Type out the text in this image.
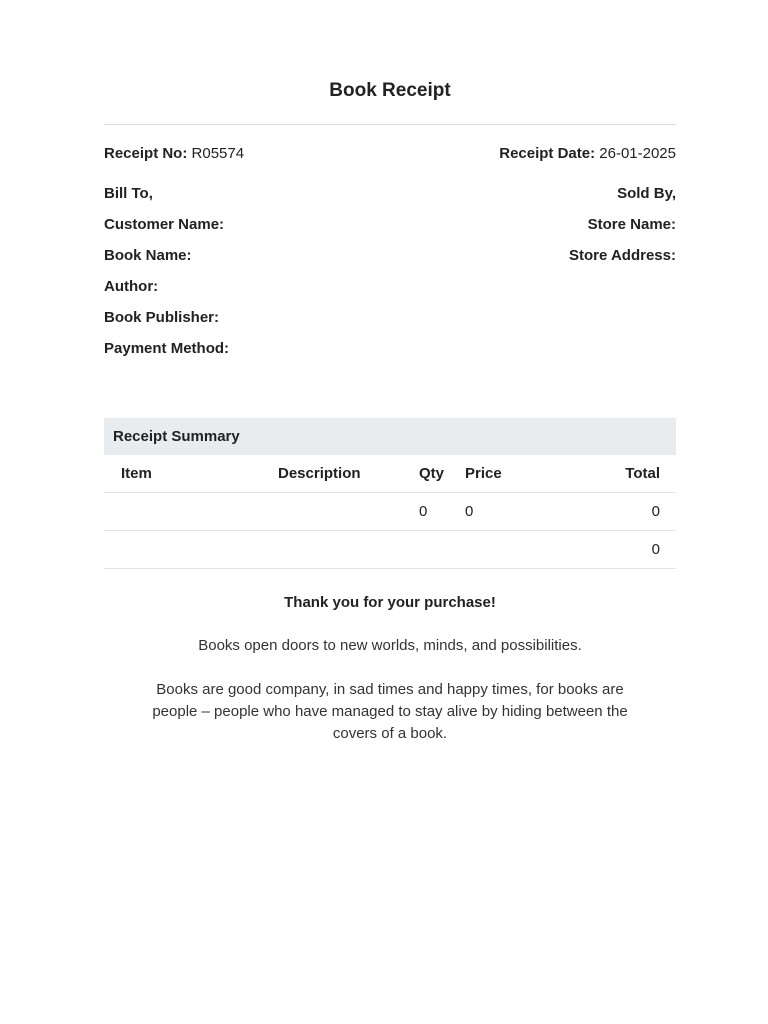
Book Receipt
Receipt No: R05574	Receipt Date: 26-01-2025
Bill To,
Customer Name:
Book Name:
Author:
Book Publisher:
Payment Method:
Sold By,
Store Name:
Store Address:
Receipt Summary
Item	Description	Qty	Price	Total
		0	0	0
				0
Thank you for your purchase!
Books open doors to new worlds, minds, and possibilities.
Books are good company, in sad times and happy times, for books are people – people who have managed to stay alive by hiding between the covers of a book.
